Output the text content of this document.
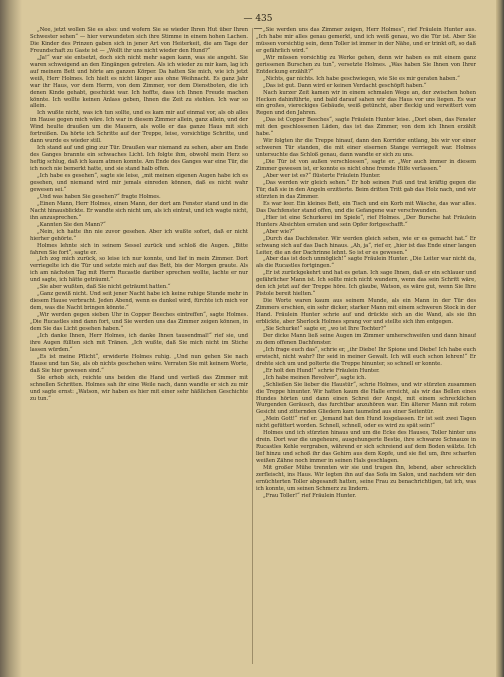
— 435 —

„Nee, jetzt wollen Sie es also: und wofern Sie se wieder Ihren Hut über Ihren Schwester sehen“ — hier verwundeten sich ihre Stimme in einem hohen Lachen. Die Kinder des Prinzen gaben sich in jener Art von Heiterkeit, die am Tage der Freundschaft zu Gaste ist — „Wollt ihr uns nicht wieder den Hund?“

„Ja!“ war sie entsetzt, doch sich nicht mehr sagen kann, was sie angeht. Sie waren schweigend an den Eingängen getreten. Als ich wieder zu mir kam, lag ich auf meinem Bett und hörte am ganzen Körper. Da hatten Sie mich, wie ich jetzt weiß, Herr Holmes. Ich hielt es nicht länger aus ohne Weihnacht. Es ganz Jahr war ihr Haus, vor dem Herrn, von dem Zimmer, vor dem Dienstboten, die ich denen Kinde gehabt, geschickt war. Ich hoffte, dass ich Ihnen Freude machen könnte. Ich wollte keinen Anlass geben, Ihnen die Zeit zu stehlen. Ich war so allein.

Ich wußte nicht, was ich tun sollte, und es kam mir auf einmal vor, als ob alles im Hause gegen mich wäre. Ich war in diesem Zimmer allein, ganz allein, und der Wind heulte draußen um die Mauern, als wolle er das ganze Haus mit sich fortreißen. Da hörte ich Schritte auf der Treppe, leise, vorsichtige Schritte, und dann wurde es wieder still.

Ich stand auf und ging zur Tür. Draußen war niemand zu sehen, aber am Ende des Ganges brannte ein schwaches Licht. Ich folgte ihm, obwohl mein Herz so heftig schlug, daß ich kaum atmen konnte. Am Ende des Ganges war eine Tür, die ich noch nie bemerkt hatte, und sie stand halb offen.

„Ich habe es gesehen“, sagte sie leise, „mit meinen eigenen Augen habe ich es gesehen, und niemand wird mir jemals einreden können, daß es nicht wahr gewesen sei.“

„Und was haben Sie gesehen?“ fragte Holmes.

„Einen Mann, Herr Holmes, einen Mann, der dort am Fenster stand und in die Nacht hinausblickte. Er wandte sich nicht um, als ich eintrat, und ich wagte nicht, ihn anzusprechen.“

„Kannten Sie den Mann?“

„Nein, ich hatte ihn nie zuvor gesehen. Aber ich wußte sofort, daß er nicht hierher gehörte.“

Holmes lehnte sich in seinem Sessel zurück und schloß die Augen. „Bitte fahren Sie fort“, sagte er.

„Ich zog mich zurück, so leise ich nur konnte, und lief in mein Zimmer. Dort verriegelte ich die Tür und setzte mich auf das Bett, bis der Morgen graute. Als ich am nächsten Tag mit Herrn Rucastle darüber sprechen wollte, lachte er nur und sagte, ich hätte geträumt.“

„Sie aber wußten, daß Sie nicht geträumt hatten.“

„Ganz gewiß nicht. Und seit jener Nacht habe ich keine ruhige Stunde mehr in diesem Hause verbracht. Jeden Abend, wenn es dunkel wird, fürchte ich mich vor dem, was die Nacht bringen könnte.“

„Wir werden gegen sieben Uhr in Copper Beeches eintreffen“, sagte Holmes. „Die Rucastles sind dann fort, und Sie werden uns das Zimmer zeigen können, in dem Sie das Licht gesehen haben.“

„Ich danke Ihnen, Herr Holmes, ich danke Ihnen tausendmal!“ rief sie, und ihre Augen füllten sich mit Tränen. „Ich wußte, daß Sie mich nicht im Stiche lassen würden.“

„Es ist meine Pflicht“, erwiderte Holmes ruhig. „Und nun gehen Sie nach Hause und tun Sie, als ob nichts geschehen wäre. Verraten Sie mit keinem Worte, daß Sie hier gewesen sind.“

Sie erhob sich, reichte uns beiden die Hand und verließ das Zimmer mit schnellen Schritten. Holmes sah ihr eine Weile nach, dann wandte er sich zu mir und sagte ernst: „Watson, wir haben es hier mit einer sehr häßlichen Geschichte zu tun.“

„Sie werden uns das Zimmer zeigen, Herr Holmes“, rief Fräulein Hunter aus. „Ich habe mir alles genau gemerkt, und ich weiß genau, wo die Tür ist. Aber Sie müssen vorsichtig sein, denn Toller ist immer in der Nähe, und er trinkt oft, so daß er gefährlich wird.“

„Wir müssen vorsichtig zu Werke gehen, denn wir haben es mit einem ganz gerissenen Burschen zu tun“, versetzte Holmes. „Was haben Sie Ihnen von Ihrer Entdeckung erzählt?“

„Nichts, gar nichts. Ich habe geschwiegen, wie Sie es mir geraten haben.“

„Das ist gut. Dann wird er keinen Verdacht geschöpft haben.“

Nach kurzer Zeit kamen wir in einem schmalen Wege an, der zwischen hohen Hecken dahinführte, und bald darauf sahen wir das Haus vor uns liegen. Es war ein großes, viereckiges Gebäude, weiß getüncht, aber fleckig und verwittert vom Regen und den Jahren.

„Das ist Copper Beeches“, sagte Fräulein Hunter leise. „Dort oben, das Fenster mit den geschlossenen Läden, das ist das Zimmer, von dem ich Ihnen erzählt habe.“

Wir folgten ihr die Treppe hinauf, dann den Korridor entlang, bis wir vor einer schweren Tür standen, die mit einer eisernen Stange verriegelt war. Holmes untersuchte das Schloß genau, dann wandte er sich zu uns.

„Die Tür ist von außen verschlossen“, sagte er. „Wer auch immer in diesem Zimmer gewesen ist, er konnte es nicht ohne fremde Hilfe verlassen.“

„Aber wer ist es?“ flüsterte Fräulein Hunter.

„Das werden wir gleich sehen.“ Er hob seinen Fuß und trat kräftig gegen die Tür, daß sie in den Angeln erzitterte. Beim dritten Tritt gab das Holz nach, und wir stürzten in das Zimmer.

Es war leer. Ein kleines Bett, ein Tisch und ein Korb mit Wäsche, das war alles. Das Dachfenster stand offen, und die Gefangene war verschwunden.

„Hier ist eine Schurkerei im Spiele“, rief Holmes. „Der Bursche hat Fräulein Hunters Absichten erraten und sein Opfer fortgeschafft.“

„Aber wie?“

„Durch das Dachfenster. Wir werden gleich sehen, wie er es gemacht hat.“ Er schwang sich auf das Dach hinaus. „Ah, ja“, rief er, „hier ist das Ende einer langen Leiter, die an der Dachrinne lehnt. So ist er es gewesen.“

„Aber das ist doch unmöglich!“ sagte Fräulein Hunter. „Die Leiter war nicht da, als die Rucastles fortgingen.“

„Er ist zurückgekehrt und hat es getan. Ich sage Ihnen, daß er ein schlauer und gefährlicher Mann ist. Ich sollte mich nicht wundern, wenn das sein Schritt wäre, den ich jetzt auf der Treppe höre. Ich glaube, Watson, es wäre gut, wenn Sie Ihre Pistole bereit hielten.“

Die Worte waren kaum aus seinem Munde, als ein Mann in der Tür des Zimmers erschien, ein sehr dicker, starker Mann mit einem schweren Stock in der Hand. Fräulein Hunter schrie auf und drückte sich an die Wand, als sie ihn erblickte, aber Sherlock Holmes sprang vor und stellte sich ihm entgegen.

„Sie Schurke!“ sagte er, „wo ist Ihre Tochter?“

Der dicke Mann ließ seine Augen im Zimmer umherschweifen und dann hinauf zu dem offenen Dachfenster.

„Ich frage euch das“, schrie er, „ihr Diebe! Ihr Spione und Diebe! Ich habe euch erwischt, nicht wahr? Ihr seid in meiner Gewalt. Ich will euch schon lehren!“ Er drehte sich um und polterte die Treppe hinunter, so schnell er konnte.

„Er holt den Hund!“ schrie Fräulein Hunter.

„Ich habe meinen Revolver“, sagte ich.

„Schließen Sie lieber die Haustür“, schrie Holmes, und wir stürzten zusammen die Treppe hinunter. Wir hatten kaum die Halle erreicht, als wir das Bellen eines Hundes hörten und dann einen Schrei der Angst, mit einem schrecklichen Wurgenden Geräusch, das furchtbar anzuhören war. Ein älterer Mann mit rotem Gesicht und zitternden Gliedern kam taumelnd aus einer Seitentür.

„Mein Gott!“ rief er. „Jemand hat den Hund losgelassen. Er ist seit zwei Tagen nicht gefüttert worden. Schnell, schnell, oder es wird zu spät sein!“

Holmes und ich stürzten hinaus und um die Ecke des Hauses, Toller hinter uns drein. Dort war die ungeheure, ausgehungerte Bestie, ihre schwarze Schnauze in Rucastles Kehle vergraben, während er sich schreiend auf dem Boden wälzte. Ich lief hinzu und schoß ihr das Gehirn aus dem Kopfe, und sie fiel um, ihre scharfen weißen Zähne noch immer in seinen Hals geschlagen.

Mit großer Mühe trennten wir sie und trugen ihn, lebend, aber schrecklich zerfleischt, ins Haus. Wir legten ihn auf das Sofa im Salon, und nachdem wir den ernüchterten Toller abgesandt hatten, seine Frau zu benachrichtigen, tat ich, was ich konnte, um seinen Schmerz zu lindern.

„Frau Toller!“ rief Fräulein Hunter.
